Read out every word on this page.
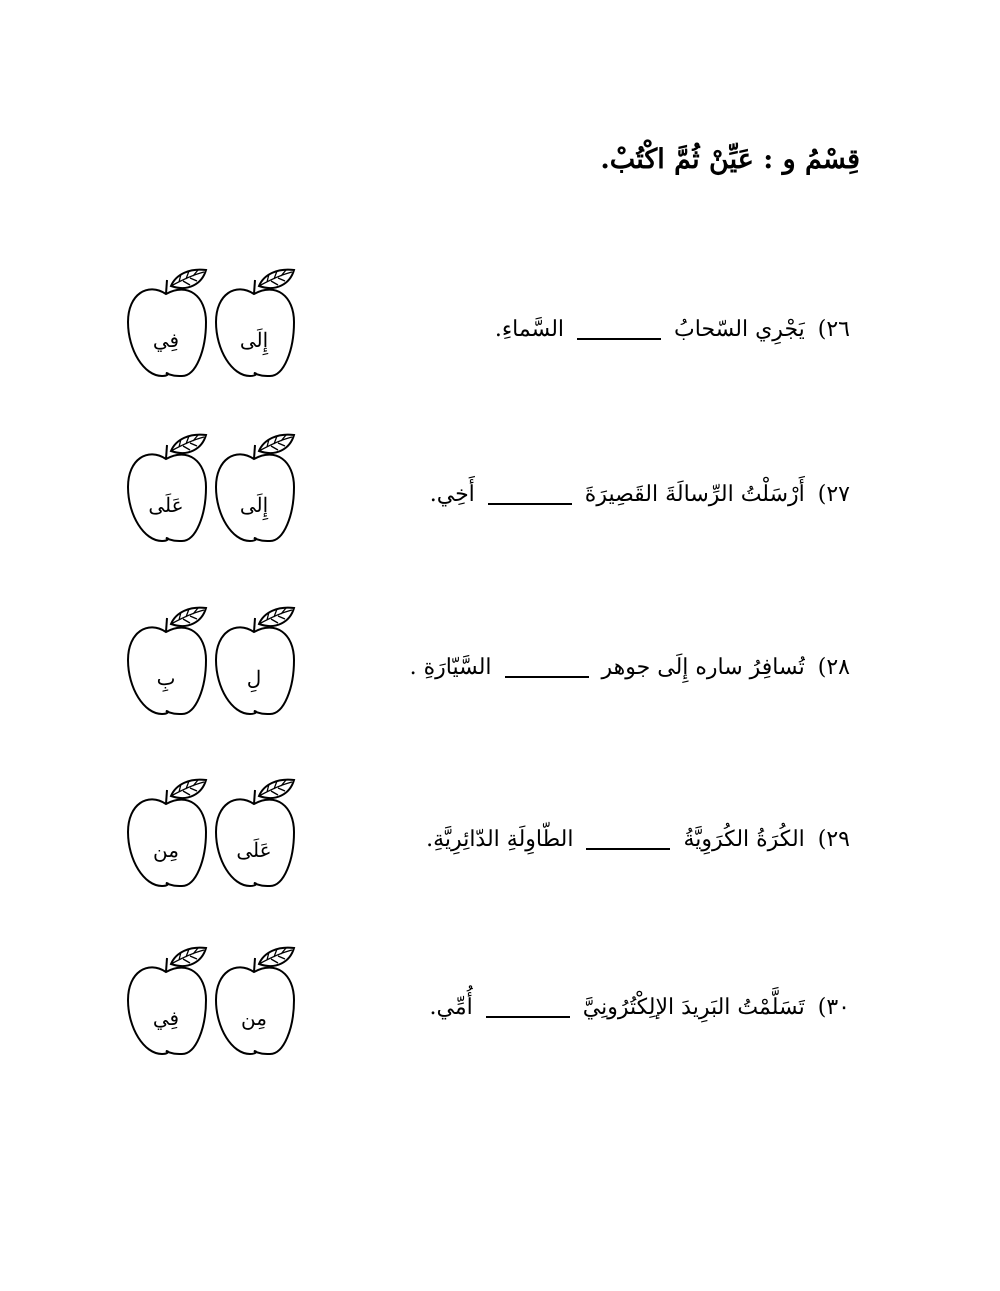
قِسْمُ و : عَيِّنْ ثُمَّ اكْتُبْ.
٢٦) يَجْرِي السّحابُ  السَّماءِ.
إِلَى
فِي
٢٧) أَرْسَلْتُ الرِّسالَةَ القَصِيرَةَ  أَخِي.
إِلَى
عَلَى
٢٨) تُسافِرُ ساره إِلَى جوهر  السَّيّارَةِ .
لِ
بِ
٢٩) الكُرَةُ الكُرَوِيَّةُ  الطّاوِلَةِ الدّائِرِيَّةِ.
عَلَى
مِن
٣٠) تَسَلَّمْتُ البَرِيدَ الإلِكْتُرُونِيَّ  أُمِّي.
مِن
فِي
